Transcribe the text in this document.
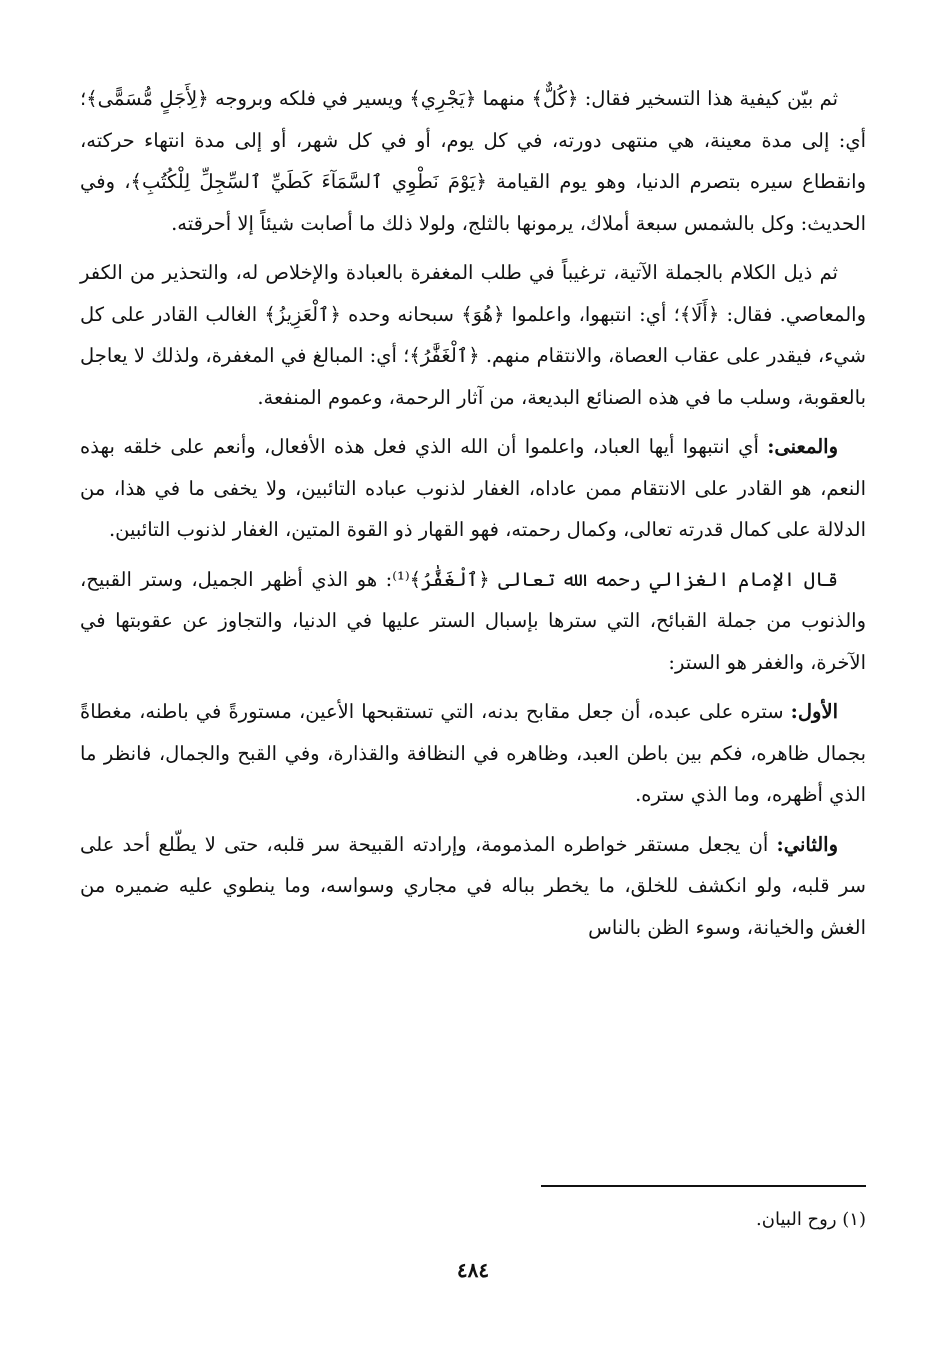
ثم بيّن كيفية هذا التسخير فقال: ﴿كُلٌّ﴾ منهما ﴿يَجْرِي﴾ ويسير في فلكه وبروجه ﴿لِأَجَلٍ مُّسَمًّى﴾؛ أي: إلى مدة معينة، هي منتهى دورته، في كل يوم، أو في كل شهر، أو إلى مدة انتهاء حركته، وانقطاع سيره بتصرم الدنيا، وهو يوم القيامة ﴿يَوْمَ نَطْوِي ٱلسَّمَآءَ كَطَيِّ ٱلسِّجِلِّ لِلْكُتُبِ﴾، وفي الحديث: وكل بالشمس سبعة أملاك، يرمونها بالثلج، ولولا ذلك ما أصابت شيئاً إلا أحرقته.

ثم ذيل الكلام بالجملة الآتية، ترغيباً في طلب المغفرة بالعبادة والإخلاص له، والتحذير من الكفر والمعاصي. فقال: ﴿أَلَا﴾؛ أي: انتبهوا، واعلموا ﴿هُوَ﴾ سبحانه وحده ﴿ٱلْعَزِيزُ﴾ الغالب القادر على كل شيء، فيقدر على عقاب العصاة، والانتقام منهم. ﴿ٱلْغَفَّٰرُ﴾؛ أي: المبالغ في المغفرة، ولذلك لا يعاجل بالعقوبة، وسلب ما في هذه الصنائع البديعة، من آثار الرحمة، وعموم المنفعة.

والمعنى: أي انتبهوا أيها العباد، واعلموا أن الله الذي فعل هذه الأفعال، وأنعم على خلقه بهذه النعم، هو القادر على الانتقام ممن عاداه، الغفار لذنوب عباده التائبين، ولا يخفى ما في هذا، من الدلالة على كمال قدرته تعالى، وكمال رحمته، فهو القهار ذو القوة المتين، الغفار لذنوب التائبين.

قال الإمام الغزالي رحمه الله تعالى ﴿ٱلْغَفَّٰرُ﴾⁽¹⁾: هو الذي أظهر الجميل، وستر القبيح، والذنوب من جملة القبائح، التي سترها بإسبال الستر عليها في الدنيا، والتجاوز عن عقوبتها في الآخرة، والغفر هو الستر:

الأول: ستره على عبده، أن جعل مقابح بدنه، التي تستقبحها الأعين، مستورةً في باطنه، مغطاةً بجمال ظاهره، فكم بين باطن العبد، وظاهره في النظافة والقذارة، وفي القبح والجمال، فانظر ما الذي أظهره، وما الذي ستره.

والثاني: أن يجعل مستقر خواطره المذمومة، وإرادته القبيحة سر قلبه، حتى لا يطّلع أحد على سر قلبه، ولو انكشف للخلق، ما يخطر بباله في مجاري وسواسه، وما ينطوي عليه ضميره من الغش والخيانة، وسوء الظن بالناس

(١) روح البيان.
٤٨٤
